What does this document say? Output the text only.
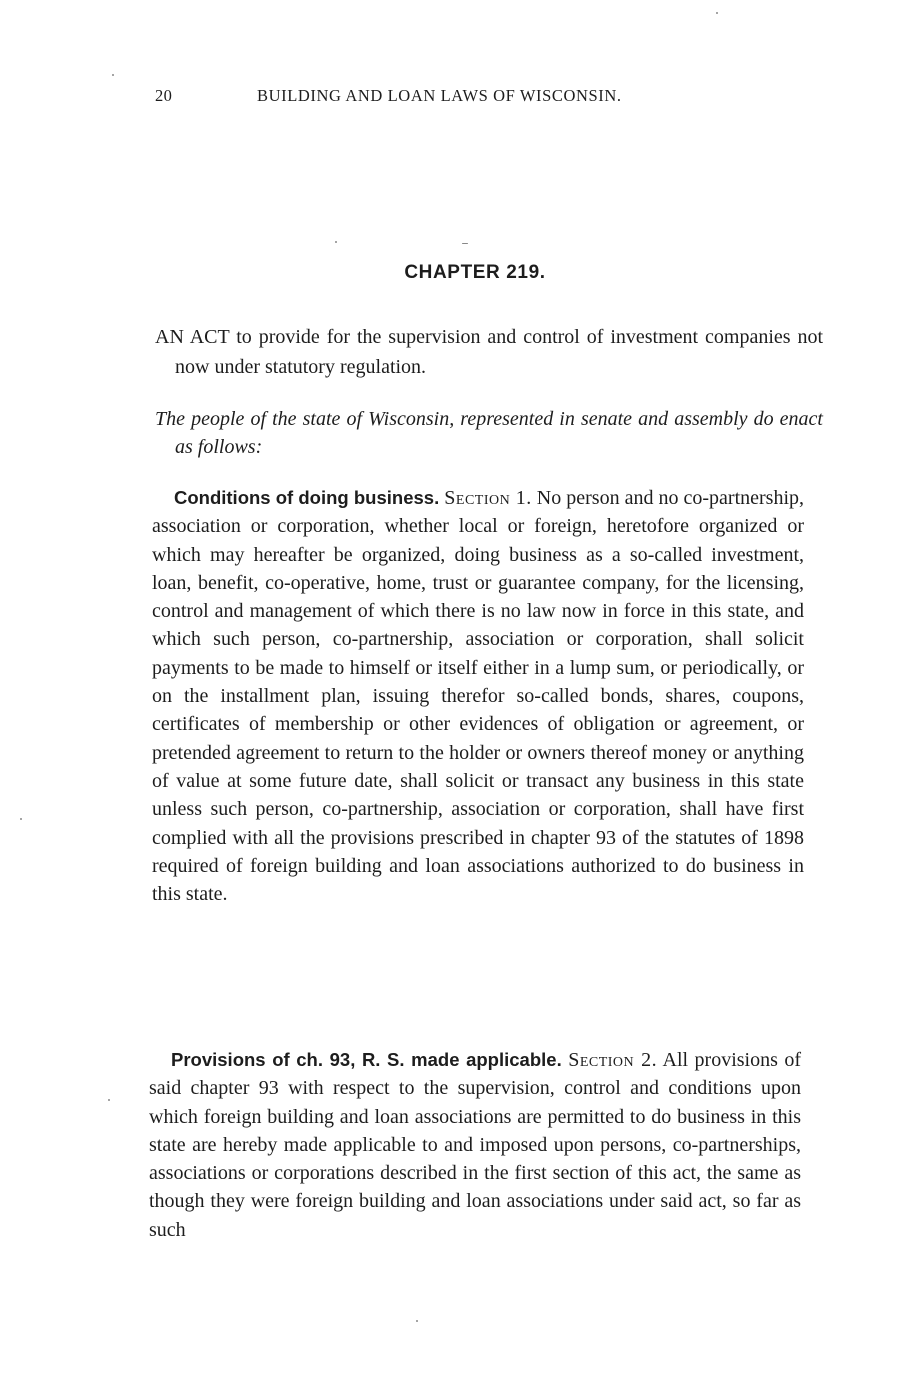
20	BUILDING AND LOAN LAWS OF WISCONSIN.
CHAPTER 219.
AN ACT to provide for the supervision and control of investment companies not now under statutory regulation.
The people of the state of Wisconsin, represented in senate and assembly do enact as follows:
Conditions of doing business. Section 1. No person and no co-partnership, association or corporation, whether local or foreign, heretofore organized or which may hereafter be organized, doing business as a so-called investment, loan, benefit, co-operative, home, trust or guarantee company, for the licensing, control and management of which there is no law now in force in this state, and which such person, co-partnership, association or corporation, shall solicit payments to be made to himself or itself either in a lump sum, or periodically, or on the installment plan, issuing therefor so-called bonds, shares, coupons, certificates of membership or other evidences of obligation or agreement, or pretended agreement to return to the holder or owners thereof money or anything of value at some future date, shall solicit or transact any business in this state unless such person, co-partnership, association or corporation, shall have first complied with all the provisions prescribed in chapter 93 of the statutes of 1898 required of foreign building and loan associations authorized to do business in this state.
Provisions of ch. 93, R. S. made applicable. Section 2. All provisions of said chapter 93 with respect to the supervision, control and conditions upon which foreign building and loan associations are permitted to do business in this state are hereby made applicable to and imposed upon persons, co-partnerships, associations or corporations described in the first section of this act, the same as though they were foreign building and loan associations under said act, so far as such
